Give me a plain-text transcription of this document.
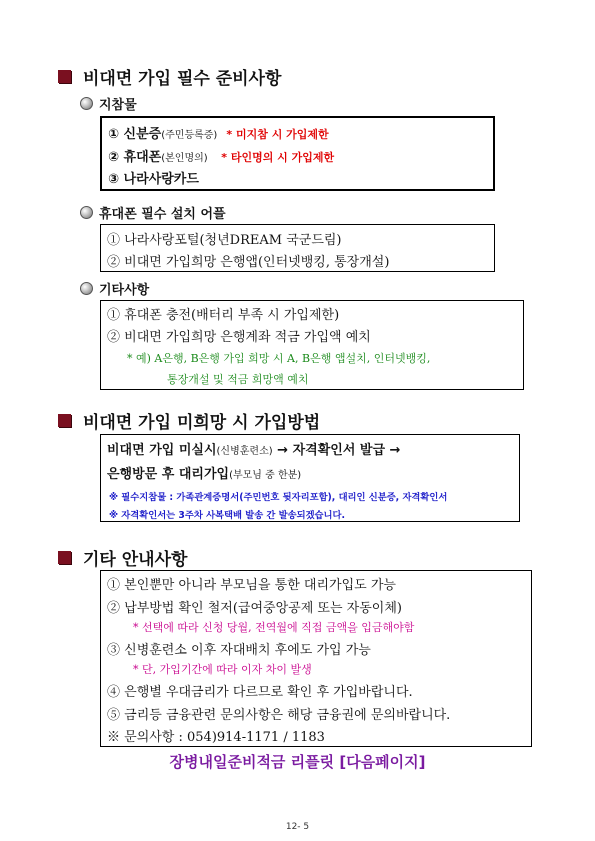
비대면 가입 필수 준비사항
지참물
① 신분증(주민등록증) * 미지참 시 가입제한
② 휴대폰(본인명의) * 타인명의 시 가입제한
③ 나라사랑카드
휴대폰 필수 설치 어플
① 나라사랑포털(청년DREAM 국군드림)
② 비대면 가입희망 은행앱(인터넷뱅킹, 통장개설)
기타사항
① 휴대폰 충전(배터리 부족 시 가입제한)
② 비대면 가입희망 은행계좌 적금 가입액 예치
* 예) A은행, B은행 가입 희망 시 A, B은행 앱설치, 인터넷뱅킹,
통장개설 및 적금 희망액 예치
비대면 가입 미희망 시 가입방법
비대면 가입 미실시(신병훈련소) → 자격확인서 발급 →
은행방문 후 대리가입(부모님 중 한분)
※ 필수지참물 : 가족관계증명서(주민번호 뒷자리포함), 대리인 신분증, 자격확인서
※ 자격확인서는 3주차 사복택배 발송 간 발송되겠습니다.
기타 안내사항
① 본인뿐만 아니라 부모님을 통한 대리가입도 가능
② 납부방법 확인 철저(급여중앙공제 또는 자동이체)
* 선택에 따라 신청 당월, 전역월에 직접 금액을 입금해야함
③ 신병훈련소 이후 자대배치 후에도 가입 가능
* 단, 가입기간에 따라 이자 차이 발생
④ 은행별 우대금리가 다르므로 확인 후 가입바랍니다.
⑤ 금리등 금융관련 문의사항은 해당 금융권에 문의바랍니다.
※ 문의사항 : 054)914-1171 / 1183
장병내일준비적금 리플릿 [다음페이지]
12- 5
